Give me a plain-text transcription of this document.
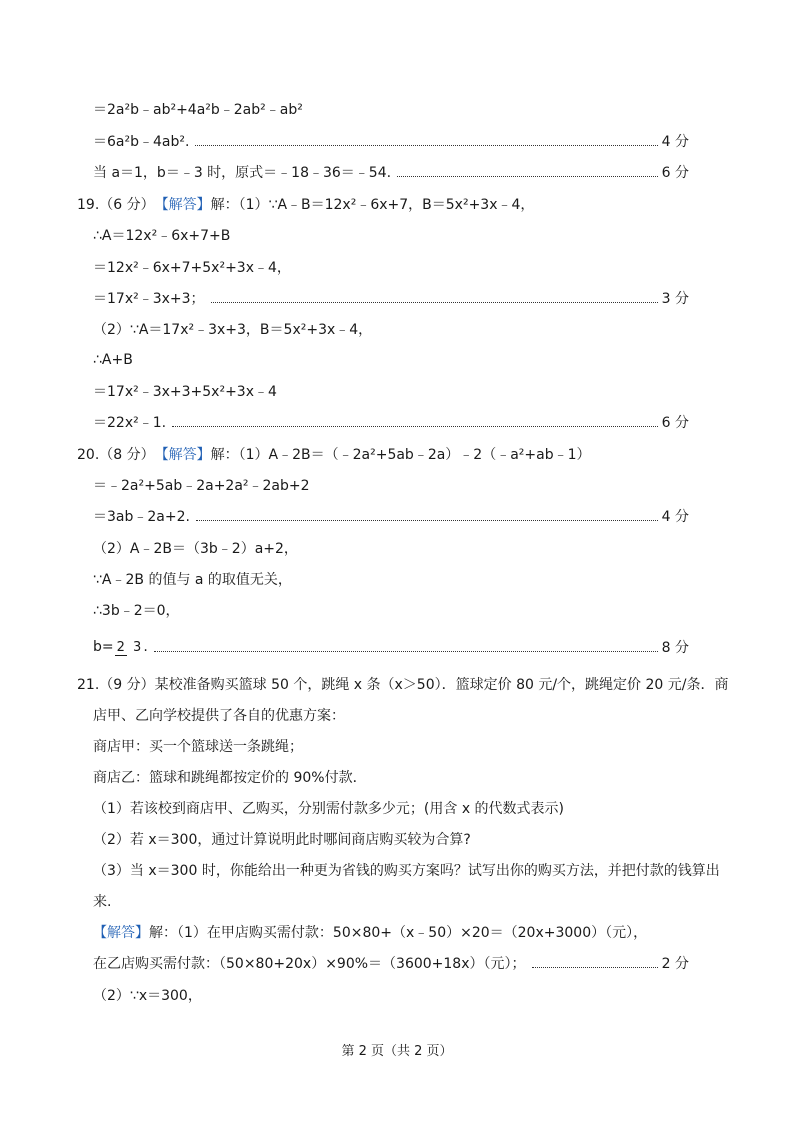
＝2a²b﹣ab²+4a²b﹣2ab²﹣ab²
＝6a²b﹣4ab².	4 分
当 a＝1，b＝﹣3 时，原式＝﹣18﹣36＝﹣54.	6 分
19.（6 分） 【解答】 解：（1）∵A﹣B＝12x²﹣6x+7，B＝5x²+3x﹣4，
∴A＝12x²﹣6x+7+B
＝12x²﹣6x+7+5x²+3x﹣4，
＝17x²﹣3x+3；	3 分
（2）∵A＝17x²﹣3x+3，B＝5x²+3x﹣4，
∴A+B
＝17x²﹣3x+3+5x²+3x﹣4
＝22x²﹣1.	6 分
20.（8 分） 【解答】 解：（1）A﹣2B＝（﹣2a²+5ab﹣2a）﹣2（﹣a²+ab﹣1）
＝﹣2a²+5ab﹣2a+2a²﹣2ab+2
＝3ab﹣2a+2.	4 分
（2）A﹣2B＝（3b﹣2）a+2，
∵A﹣2B 的值与 a 的取值无关，
∴3b﹣2＝0，
b= 2 3 .	8 分
21.（9 分）某校准备购买篮球 50 个，跳绳 x 条（x＞50）．篮球定价 80 元/个，跳绳定价 20 元/条．商
店甲、乙向学校提供了各自的优惠方案：
商店甲：买一个篮球送一条跳绳；
商店乙：篮球和跳绳都按定价的 90%付款．
（1）若该校到商店甲、乙购买，分别需付款多少元；(用含 x 的代数式表示)
（2）若 x＝300，通过计算说明此时哪间商店购买较为合算?
（3）当 x＝300 时，你能给出一种更为省钱的购买方案吗？试写出你的购买方法，并把付款的钱算出
来.
【解答】 解：（1）在甲店购买需付款：50×80+（x﹣50）×20＝（20x+3000）（元），
在乙店购买需付款：（50×80+20x）×90%＝（3600+18x）（元）；	2 分
（2）∵x＝300，
第 2 页（共 2 页）
